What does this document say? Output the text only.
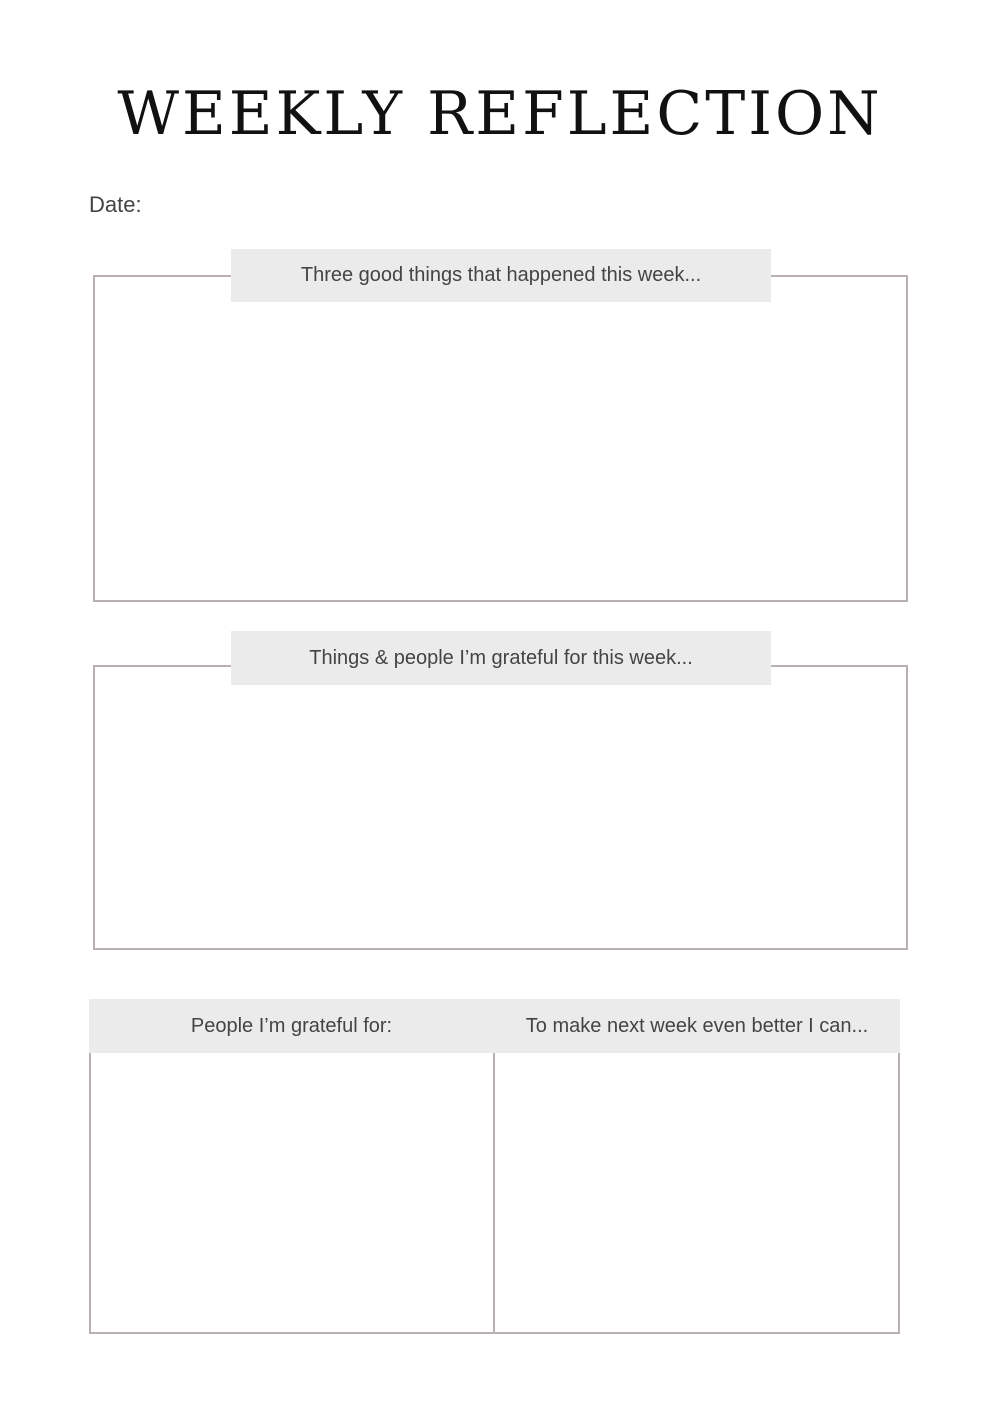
WEEKLY REFLECTION
Date:
Three good things that happened this week...
Things & people I’m grateful for this week...
People I’m grateful for:	To make next week even better I can...
